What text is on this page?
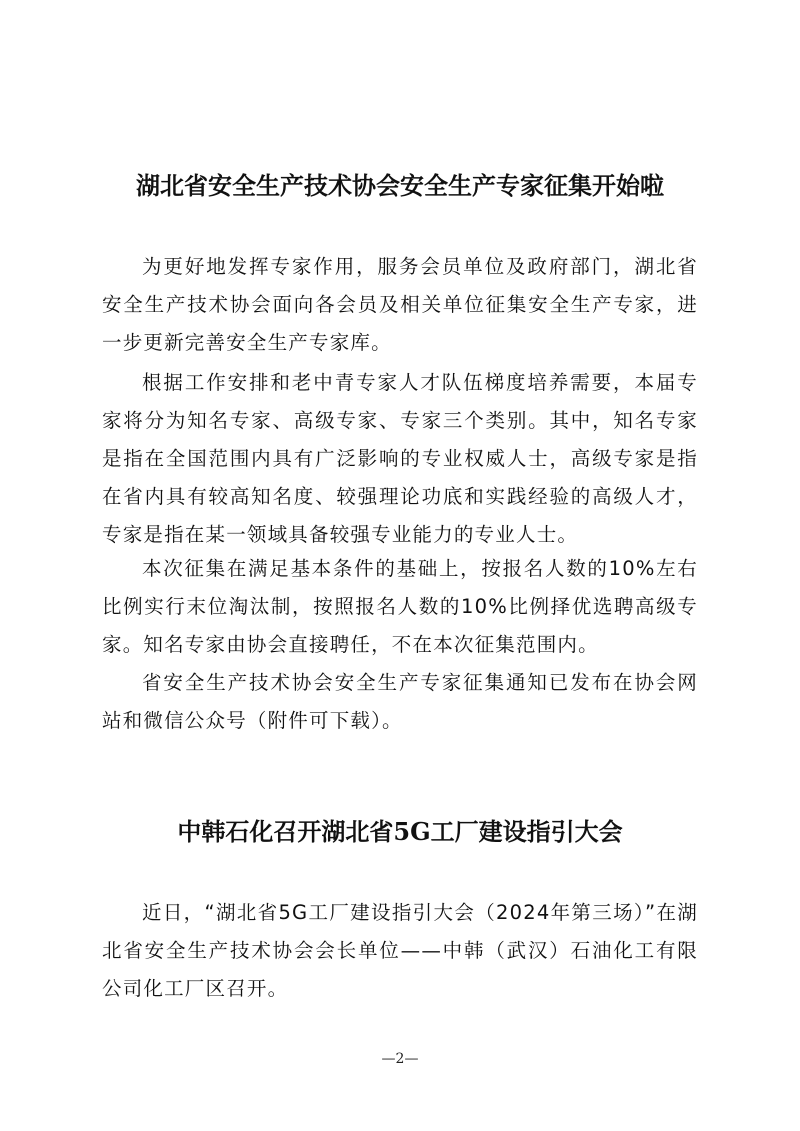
湖北省安全生产技术协会安全生产专家征集开始啦

为更好地发挥专家作用，服务会员单位及政府部门，湖北省安全生产技术协会面向各会员及相关单位征集安全生产专家，进一步更新完善安全生产专家库。

根据工作安排和老中青专家人才队伍梯度培养需要，本届专家将分为知名专家、高级专家、专家三个类别。其中，知名专家是指在全国范围内具有广泛影响的专业权威人士，高级专家是指在省内具有较高知名度、较强理论功底和实践经验的高级人才，专家是指在某一领域具备较强专业能力的专业人士。

本次征集在满足基本条件的基础上，按报名人数的10%左右比例实行末位淘汰制，按照报名人数的10%比例择优选聘高级专家。知名专家由协会直接聘任，不在本次征集范围内。

省安全生产技术协会安全生产专家征集通知已发布在协会网站和微信公众号（附件可下载）。

中韩石化召开湖北省5G工厂建设指引大会

近日，“湖北省5G工厂建设指引大会（2024年第三场）”在湖北省安全生产技术协会会长单位——中韩（武汉）石油化工有限公司化工厂区召开。

—2—
